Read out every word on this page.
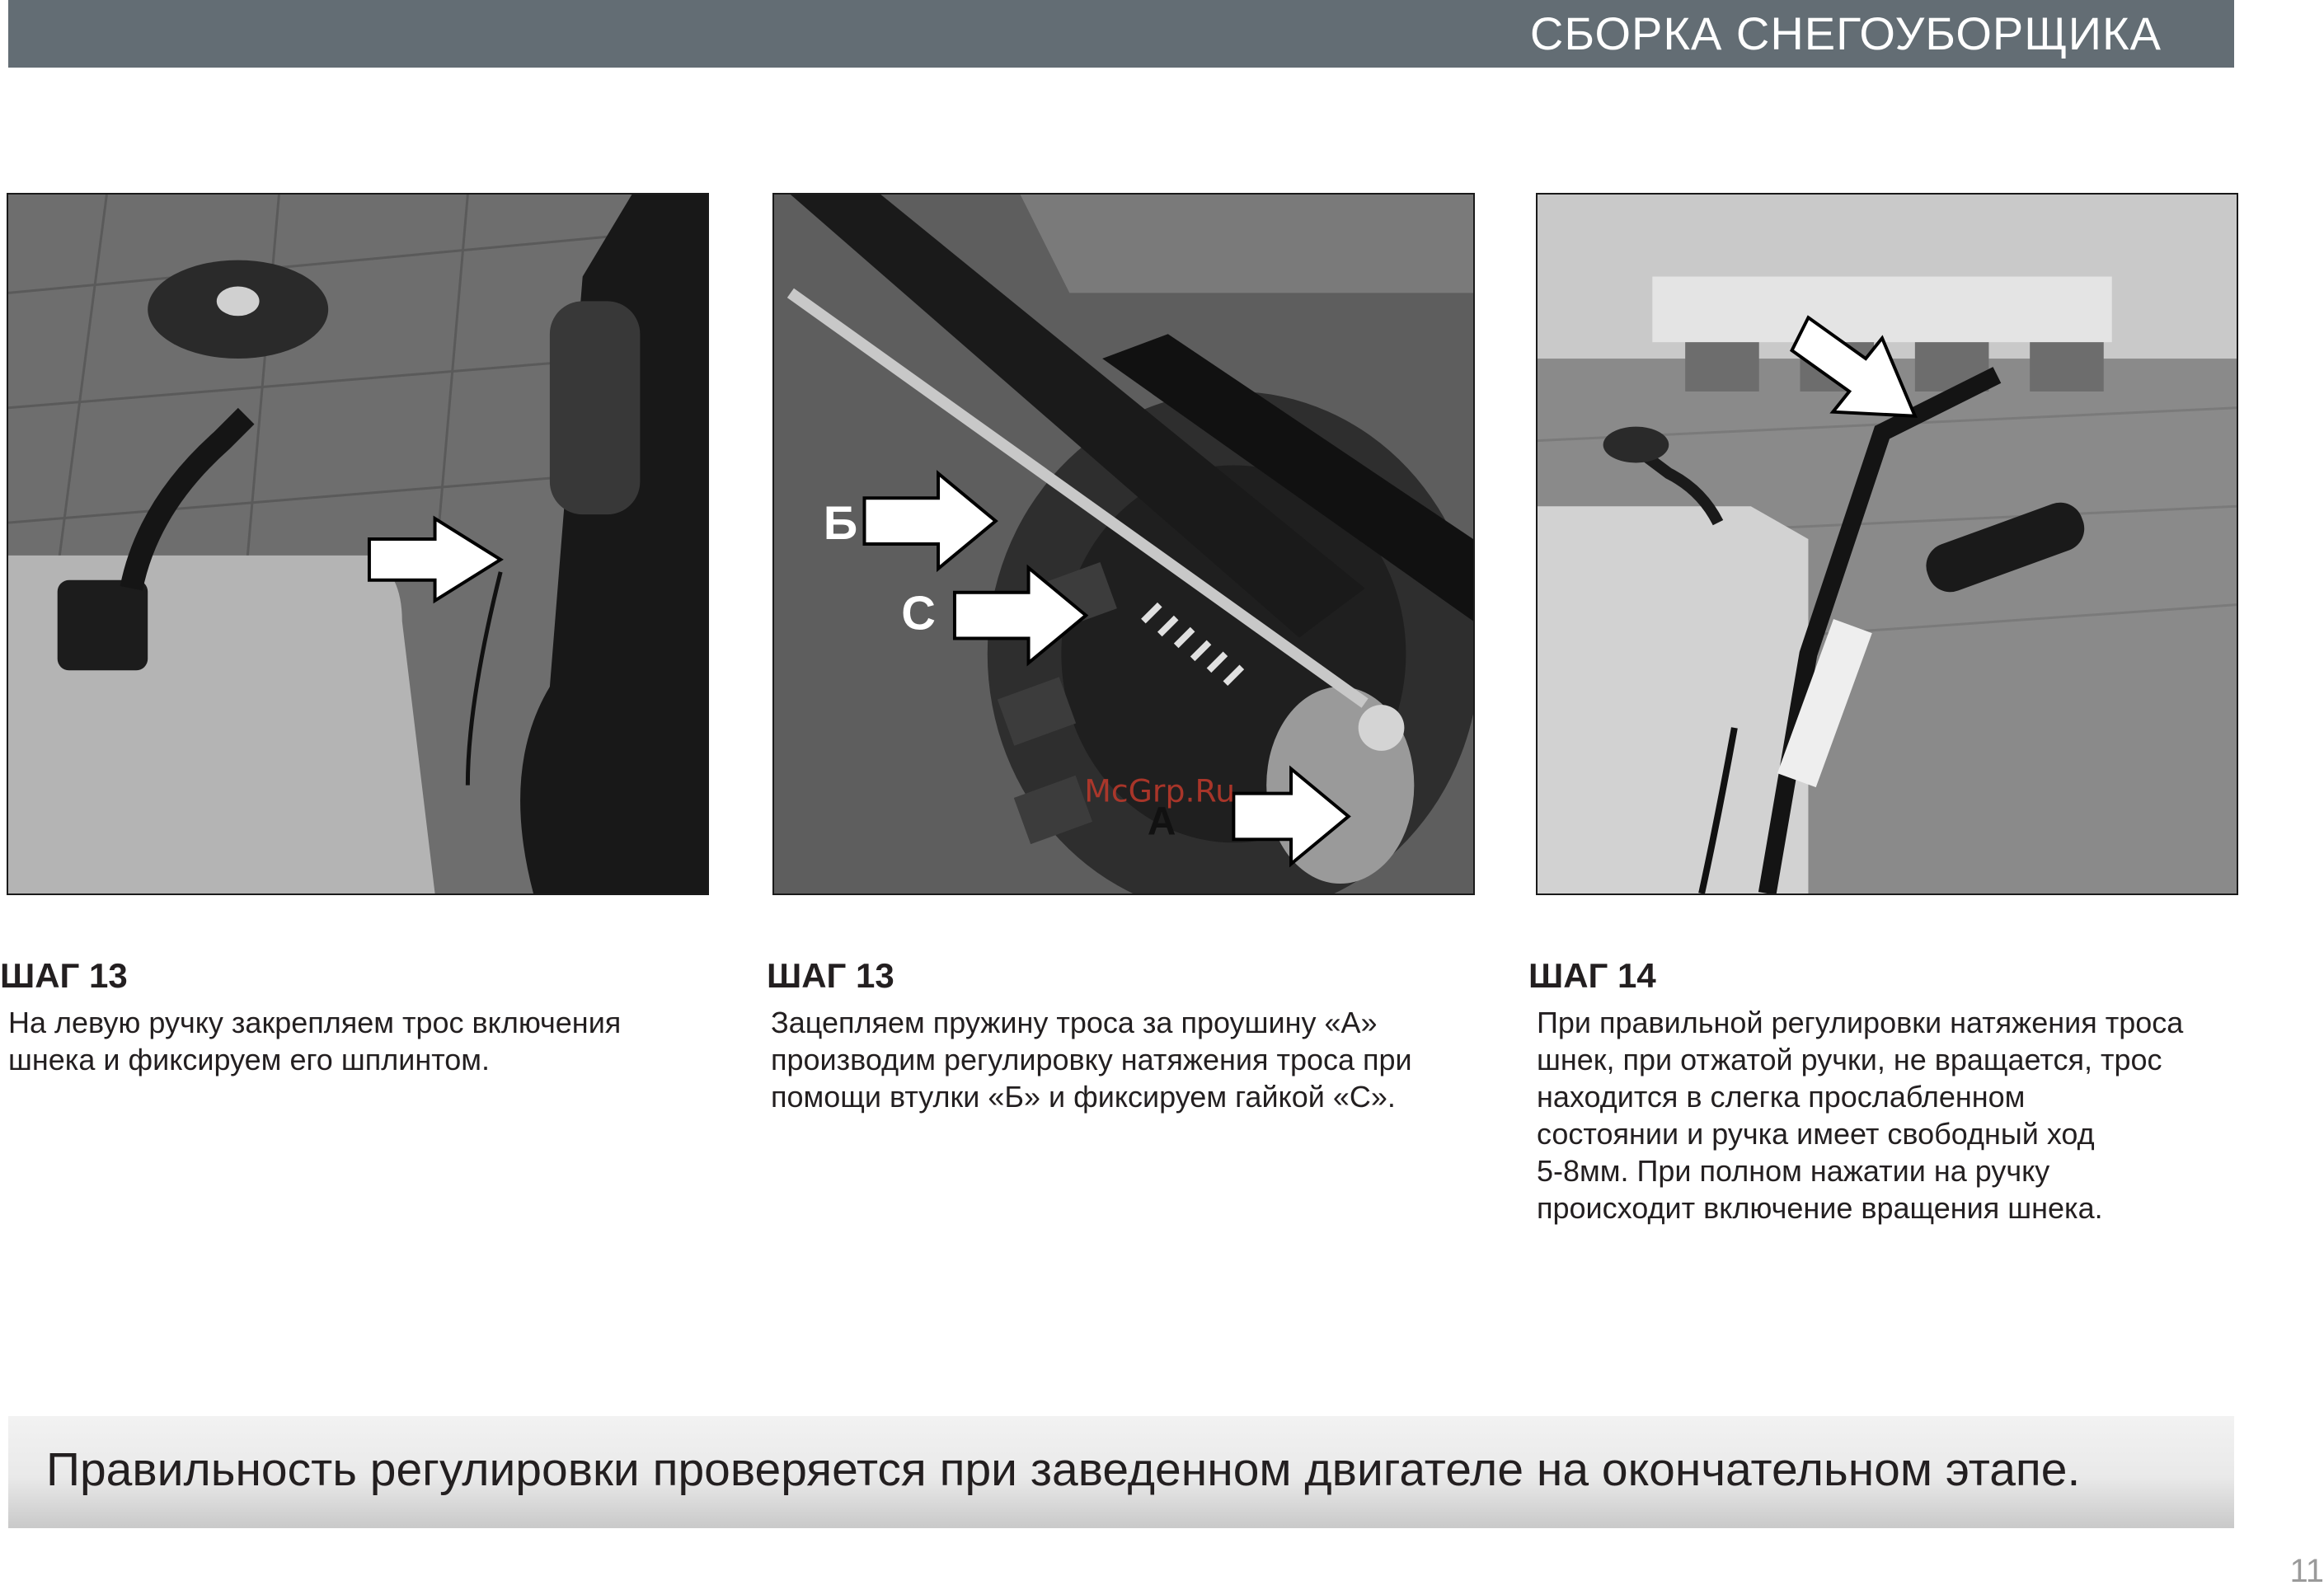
СБОРКА СНЕГОУБОРЩИКА
Б
С
А
McGrp.Ru
ШАГ 13
На левую ручку закрепляем трос включения
шнека и фиксируем его шплинтом.
ШАГ 13
Зацепляем пружину троса за проушину «А»
производим регулировку натяжения троса при
помощи втулки «Б» и фиксируем гайкой «С».
ШАГ 14
При правильной регулировки натяжения троса
шнек, при отжатой ручки, не вращается, трос
находится в слегка прослабленном
состоянии и ручка имеет свободный ход
5-8мм. При полном нажатии на ручку
происходит включение вращения шнека.
Правильность регулировки проверяется при заведенном двигателе на окончательном этапе.
11
